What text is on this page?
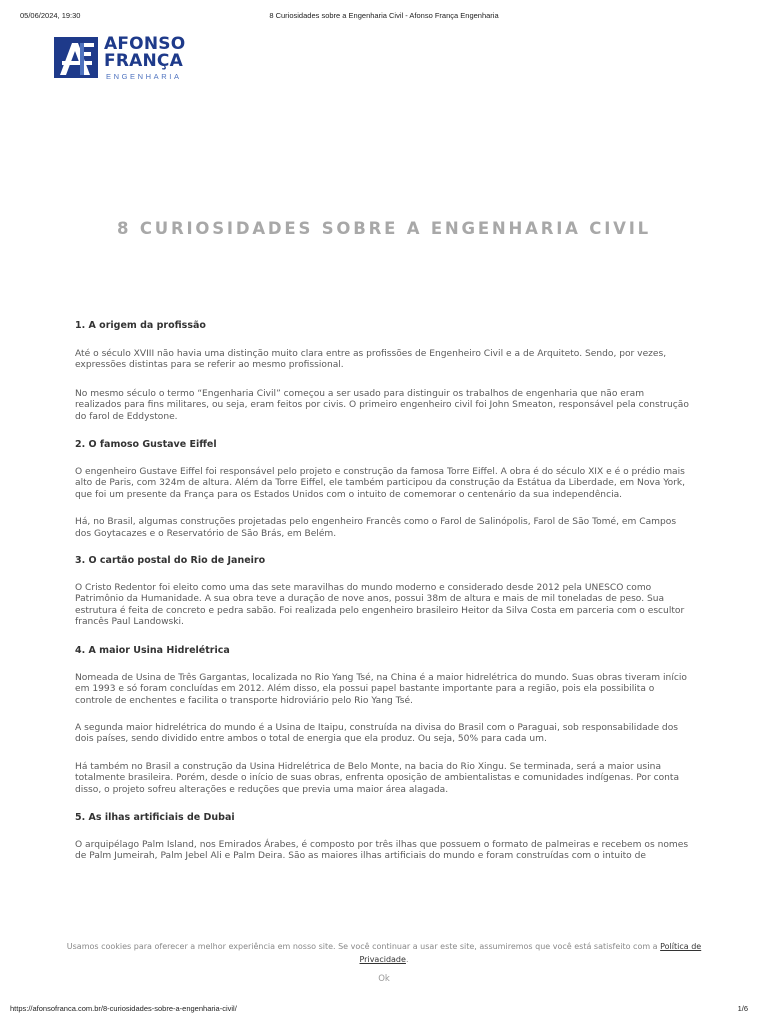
05/06/2024, 19:30	8 Curiosidades sobre a Engenharia Civil - Afonso França Engenharia
AFONSO
FRANÇA
ENGENHARIA
8 CURIOSIDADES SOBRE A ENGENHARIA CIVIL
1. A origem da profissão

Até o século XVIII não havia uma distinção muito clara entre as profissões de Engenheiro Civil e a de Arquiteto. Sendo, por vezes, expressões distintas para se referir ao mesmo profissional.

No mesmo século o termo “Engenharia Civil” começou a ser usado para distinguir os trabalhos de engenharia que não eram realizados para fins militares, ou seja, eram feitos por civis. O primeiro engenheiro civil foi John Smeaton, responsável pela construção do farol de Eddystone.

2. O famoso Gustave Eiffel

O engenheiro Gustave Eiffel foi responsável pelo projeto e construção da famosa Torre Eiffel. A obra é do século XIX e é o prédio mais alto de Paris, com 324m de altura. Além da Torre Eiffel, ele também participou da construção da Estátua da Liberdade, em Nova York, que foi um presente da França para os Estados Unidos com o intuito de comemorar o centenário da sua independência.

Há, no Brasil, algumas construções projetadas pelo engenheiro Francês como o Farol de Salinópolis, Farol de São Tomé, em Campos dos Goytacazes e o Reservatório de São Brás, em Belém.

3. O cartão postal do Rio de Janeiro

O Cristo Redentor foi eleito como uma das sete maravilhas do mundo moderno e considerado desde 2012 pela UNESCO como Patrimônio da Humanidade. A sua obra teve a duração de nove anos, possui 38m de altura e mais de mil toneladas de peso. Sua estrutura é feita de concreto e pedra sabão. Foi realizada pelo engenheiro brasileiro Heitor da Silva Costa em parceria com o escultor francês Paul Landowski.

4. A maior Usina Hidrelétrica

Nomeada de Usina de Três Gargantas, localizada no Rio Yang Tsé, na China é a maior hidrelétrica do mundo. Suas obras tiveram início em 1993 e só foram concluídas em 2012. Além disso, ela possui papel bastante importante para a região, pois ela possibilita o controle de enchentes e facilita o transporte hidroviário pelo Rio Yang Tsé.

A segunda maior hidrelétrica do mundo é a Usina de Itaipu, construída na divisa do Brasil com o Paraguai, sob responsabilidade dos dois países, sendo dividido entre ambos o total de energia que ela produz. Ou seja, 50% para cada um.

Há também no Brasil a construção da Usina Hidrelétrica de Belo Monte, na bacia do Rio Xingu. Se terminada, será a maior usina totalmente brasileira. Porém, desde o início de suas obras, enfrenta oposição de ambientalistas e comunidades indígenas. Por conta disso, o projeto sofreu alterações e reduções que previa uma maior área alagada.

5. As ilhas artificiais de Dubai

O arquipélago Palm Island, nos Emirados Árabes, é composto por três ilhas que possuem o formato de palmeiras e recebem os nomes de Palm Jumeirah, Palm Jebel Ali e Palm Deira. São as maiores ilhas artificiais do mundo e foram construídas com o intuito de

Usamos cookies para oferecer a melhor experiência em nosso site. Se você continuar a usar este site, assumiremos que você está satisfeito com a Política de Privacidade.
Ok
https://afonsofranca.com.br/8-curiosidades-sobre-a-engenharia-civil/	1/6
